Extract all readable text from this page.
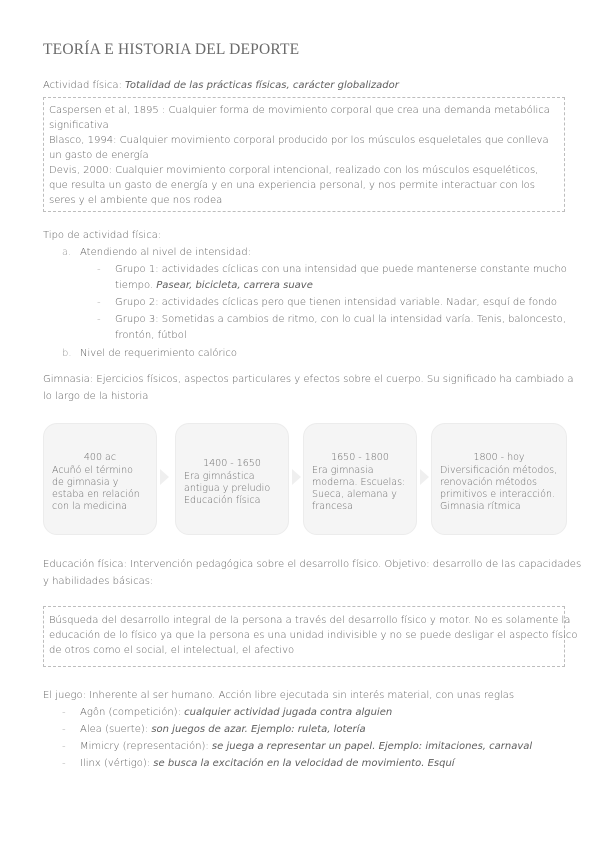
TEORÍA E HISTORIA DEL DEPORTE
Actividad física: Totalidad de las prácticas físicas, carácter globalizador

Caspersen et al, 1895 : Cualquier forma de movimiento corporal que crea una demanda metabólica significativa

Blasco, 1994: Cualquier movimiento corporal producido por los músculos esqueletales que conlleva un gasto de energía

Devis, 2000: Cualquier movimiento corporal intencional, realizado con los músculos esqueléticos, que resulta un gasto de energía y en una experiencia personal, y nos permite interactuar con los seres y el ambiente que nos rodea

Tipo de actividad física:
a. Atendiendo al nivel de intensidad:
- Grupo 1: actividades cíclicas con una intensidad que puede mantenerse constante mucho
tiempo. Pasear, bicicleta, carrera suave
- Grupo 2: actividades cíclicas pero que tienen intensidad variable. Nadar, esquí de fondo
- Grupo 3: Sometidas a cambios de ritmo, con lo cual la intensidad varía. Tenis, baloncesto,
frontón, fútbol
b. Nivel de requerimiento calórico
Gimnasia: Ejercicios físicos, aspectos particulares y efectos sobre el cuerpo. Su significado ha cambiado a
lo largo de la historia
400 ac
Acuñó el término
de gimnasia y
estaba en relación
con la medicina
1400 - 1650
Era gimnástica
antigua y preludio
Educación física
1650 - 1800
Era gimnasia
moderna. Escuelas:
Sueca, alemana y
francesa
1800 - hoy
Diversificación métodos,
renovación métodos
primitivos e interacción.
Gimnasia rítmica
Educación física: Intervención pedagógica sobre el desarrollo físico. Objetivo: desarrollo de las capacidades
y habilidades básicas:

Búsqueda del desarrollo integral de la persona a través del desarrollo físico y motor. No es solamente la

educación de lo físico ya que la persona es una unidad indivisible y no se puede desligar el aspecto físico

de otros como el social, el intelectual, el afectivo

El juego: Inherente al ser humano. Acción libre ejecutada sin interés material, con unas reglas
- Agôn (competición): cualquier actividad jugada contra alguien
- Alea (suerte): son juegos de azar. Ejemplo: ruleta, lotería
- Mimicry (representación): se juega a representar un papel. Ejemplo: imitaciones, carnaval
- Ilinx (vértigo): se busca la excitación en la velocidad de movimiento. Esquí
